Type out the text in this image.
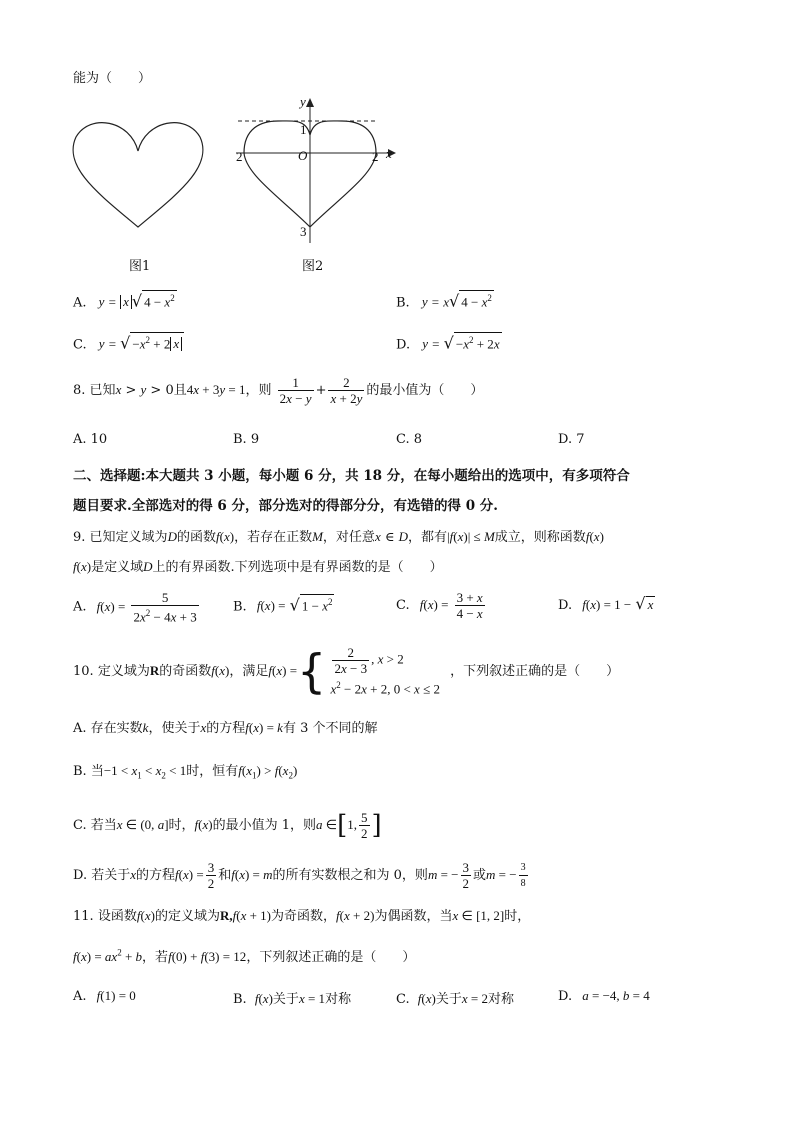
能为（　　）
图1
y
1
O
2	2 x
3
图2
A. y = x √ $4 - x^2$	B. y = x√ $4 - x^2$
C. y = √ $-x^2 + 2$ x	D. y = √ $-x^2 + 2x$
8. 已知x > y > 0且4x + 3y = 1，则 $\frac{1}{2x - y} + \frac{2}{x + 2y}$ 的最小值为（　　）
A. 10	B. 9	C. 8	D. 7
二、选择题:本大题共 3 小题，每小题 6 分，共 18 分，在每小题给出的选项中，有多项符合
题目要求.全部选对的得 6 分，部分选对的得部分分，有选错的得 0 分.
9. 已知定义域为D的函数f(x)，若存在正数M，对任意x ∈ D，都有|f(x)| ≤ M成立，则称函数f(x)
f(x)是定义域D上的有界函数.下列选项中是有界函数的是（　　）
A. $f(x) = \frac{5}{2x^2 - 4x + 3}$	B. f(x) = √ $1 - x^2$	C. $f(x) = \frac{3 + x}{4 - x}$	D. f(x) = 1 − √ x
10. 定义域为R的奇函数f(x)，满足f(x) ={ $\frac{2}{2x - 3}$ , x > 2
$x^2 - 2x + 2$, 0 < x ≤ 2 ，下列叙述正确的是（　　）
A. 存在实数k，使关于x的方程f(x) = k有 3 个不同的解
B. 当$-1 < x_1 < x_2 < 1$时，恒有$f(x_1) > f(x_2)$
C. 若当x ∈ (0, a]时，f(x)的最小值为 1，则a ∈[1, $\frac{5}{2}$ ]
D. 若关于x的方程$f(x) = \frac{3}{2}$ 和f(x) = m的所有实数根之和为 0，则m = − $\frac{3}{2}$ 或m = − $\frac{3}{8}$
11. 设函数f(x)的定义域为R,f(x + 1)为奇函数，f(x + 2)为偶函数，当x ∈ [1, 2]时，
$f(x) = ax^2 + b$，若f(0) + f(3) = 12，下列叙述正确的是（　　）
A. f(1) = 0	B. f(x)关于x = 1对称	C. f(x)关于x = 2对称	D. a = −4, b = 4
